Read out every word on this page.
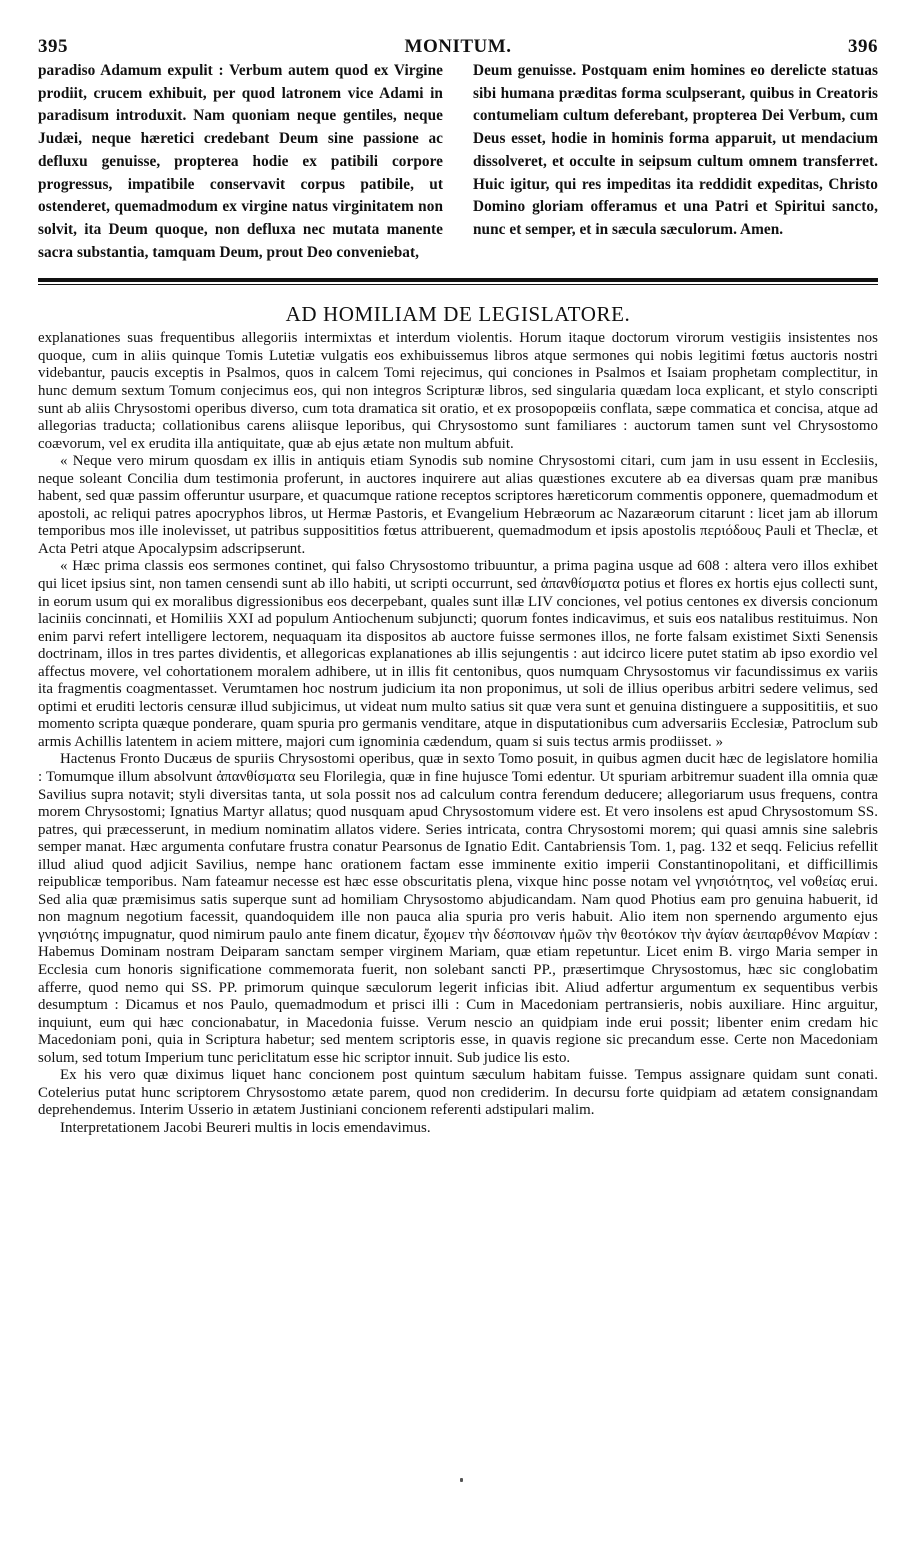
395	MONITUM.	396

paradiso Adamum expulit : Verbum autem quod ex Virgine prodiit, crucem exhibuit, per quod latronem vice Adami in paradisum introduxit. Nam quoniam neque gentiles, neque Judæi, neque hæretici credebant Deum sine passione ac defluxu genuisse, propterea hodie ex patibili corpore progressus, impatibile conservavit corpus patibile, ut ostenderet, quemadmodum ex virgine natus virginitatem non solvit, ita Deum quoque, non defluxa nec mutata manente sacra substantia, tamquam Deum, prout Deo conveniebat,

Deum genuisse. Postquam enim homines eo derelicte statuas sibi humana præditas forma sculpserant, quibus in Creatoris contumeliam cultum deferebant, propterea Dei Verbum, cum Deus esset, hodie in hominis forma apparuit, ut mendacium dissolveret, et occulte in seipsum cultum omnem transferret. Huic igitur, qui res impeditas ita reddidit expeditas, Christo Domino gloriam offeramus et una Patri et Spiritui sancto, nunc et semper, et in sæcula sæculorum. Amen.

AD HOMILIAM DE LEGISLATORE.

explanationes suas frequentibus allegoriis intermixtas et interdum violentis. Horum itaque doctorum virorum vestigiis insistentes nos quoque, cum in aliis quinque Tomis Lutetiæ vulgatis eos exhibuissemus libros atque sermones qui nobis legitimi fœtus auctoris nostri videbantur, paucis exceptis in Psalmos, quos in calcem Tomi rejecimus, qui conciones in Psalmos et Isaiam prophetam complectitur, in hunc demum sextum Tomum conjecimus eos, qui non integros Scripturæ libros, sed singularia quædam loca explicant, et stylo conscripti sunt ab aliis Chrysostomi operibus diverso, cum tota dramatica sit oratio, et ex prosopopœiis conflata, sæpe commatica et concisa, atque ad allegorias traducta; collationibus carens aliisque leporibus, qui Chrysostomo sunt familiares : auctorum tamen sunt vel Chrysostomo coævorum, vel ex erudita illa antiquitate, quæ ab ejus ætate non multum abfuit.

« Neque vero mirum quosdam ex illis in antiquis etiam Synodis sub nomine Chrysostomi citari, cum jam in usu essent in Ecclesiis, neque soleant Concilia dum testimonia proferunt, in auctores inquirere aut alias quæstiones excutere ab ea diversas quam præ manibus habent, sed quæ passim offeruntur usurpare, et quacumque ratione receptos scriptores hæreticorum commentis opponere, quemadmodum et apostoli, ac reliqui patres apocryphos libros, ut Hermæ Pastoris, et Evangelium Hebræorum ac Nazaræorum citarunt : licet jam ab illorum temporibus mos ille inolevisset, ut patribus supposititios fœtus attribuerent, quemadmodum et ipsis apostolis περιόδους Pauli et Theclæ, et Acta Petri atque Apocalypsim adscripserunt.

« Hæc prima classis eos sermones continet, qui falso Chrysostomo tribuuntur, a prima pagina usque ad 608 : altera vero illos exhibet qui licet ipsius sint, non tamen censendi sunt ab illo habiti, ut scripti occurrunt, sed ἀπανθίσματα potius et flores ex hortis ejus collecti sunt, in eorum usum qui ex moralibus digressionibus eos decerpebant, quales sunt illæ LIV conciones, vel potius centones ex diversis concionum laciniis concinnati, et Homiliis XXI ad populum Antiochenum subjuncti; quorum fontes indicavimus, et suis eos natalibus restituimus. Non enim parvi refert intelligere lectorem, nequaquam ita dispositos ab auctore fuisse sermones illos, ne forte falsam existimet Sixti Senensis doctrinam, illos in tres partes dividentis, et allegoricas explanationes ab illis sejungentis : aut idcirco licere putet statim ab ipso exordio vel affectus movere, vel cohortationem moralem adhibere, ut in illis fit centonibus, quos numquam Chrysostomus vir facundissimus ex variis ita fragmentis coagmentasset. Verumtamen hoc nostrum judicium ita non proponimus, ut soli de illius operibus arbitri sedere velimus, sed optimi et eruditi lectoris censuræ illud subjicimus, ut videat num multo satius sit quæ vera sunt et genuina distinguere a supposititiis, et suo momento scripta quæque ponderare, quam spuria pro germanis venditare, atque in disputationibus cum adversariis Ecclesiæ, Patroclum sub armis Achillis latentem in aciem mittere, majori cum ignominia cædendum, quam si suis tectus armis prodiisset. »

Hactenus Fronto Ducæus de spuriis Chrysostomi operibus, quæ in sexto Tomo posuit, in quibus agmen ducit hæc de legislatore homilia : Tomumque illum absolvunt ἀπανθίσματα seu Florilegia, quæ in fine hujusce Tomi edentur. Ut spuriam arbitremur suadent illa omnia quæ Savilius supra notavit; styli diversitas tanta, ut sola possit nos ad calculum contra ferendum deducere; allegoriarum usus frequens, contra morem Chrysostomi; Ignatius Martyr allatus; quod nusquam apud Chrysostomum videre est. Et vero insolens est apud Chrysostomum SS. patres, qui præcesserunt, in medium nominatim allatos videre. Series intricata, contra Chrysostomi morem; qui quasi amnis sine salebris semper manat. Hæc argumenta confutare frustra conatur Pearsonus de Ignatio Edit. Cantabriensis Tom. 1, pag. 132 et seqq. Felicius refellit illud aliud quod adjicit Savilius, nempe hanc orationem factam esse imminente exitio imperii Constantinopolitani, et difficillimis reipublicæ temporibus. Nam fateamur necesse est hæc esse obscuritatis plena, vixque hinc posse notam vel γνησιότητος, vel νοθείας erui. Sed alia quæ præmisimus satis superque sunt ad homiliam Chrysostomo abjudicandam. Nam quod Photius eam pro genuina habuerit, id non magnum negotium facessit, quandoquidem ille non pauca alia spuria pro veris habuit. Alio item non spernendo argumento ejus γνησιότης impugnatur, quod nimirum paulo ante finem dicatur, ἔχομεν τὴν δέσποιναν ἡμῶν τὴν θεοτόκον τὴν ἁγίαν ἀειπαρθένον Μαρίαν : Habemus Dominam nostram Deiparam sanctam semper virginem Mariam, quæ etiam repetuntur. Licet enim B. virgo Maria semper in Ecclesia cum honoris significatione commemorata fuerit, non solebant sancti PP., præsertimque Chrysostomus, hæc sic conglobatim afferre, quod nemo qui SS. PP. primorum quinque sæculorum legerit inficias ibit. Aliud adfertur argumentum ex sequentibus verbis desumptum : Dicamus et nos Paulo, quemadmodum et prisci illi : Cum in Macedoniam pertransieris, nobis auxiliare. Hinc arguitur, inquiunt, eum qui hæc concionabatur, in Macedonia fuisse. Verum nescio an quidpiam inde erui possit; libenter enim credam hic Macedoniam poni, quia in Scriptura habetur; sed mentem scriptoris esse, in quavis regione sic precandum esse. Certe non Macedoniam solum, sed totum Imperium tunc periclitatum esse hic scriptor innuit. Sub judice lis esto.

Ex his vero quæ diximus liquet hanc concionem post quintum sæculum habitam fuisse. Tempus assignare quidam sunt conati. Cotelerius putat hunc scriptorem Chrysostomo ætate parem, quod non crediderim. In decursu forte quidpiam ad ætatem consignandam deprehendemus. Interim Usserio in ætatem Justiniani concionem referenti adstipulari malim.

Interpretationem Jacobi Beureri multis in locis emendavimus.
